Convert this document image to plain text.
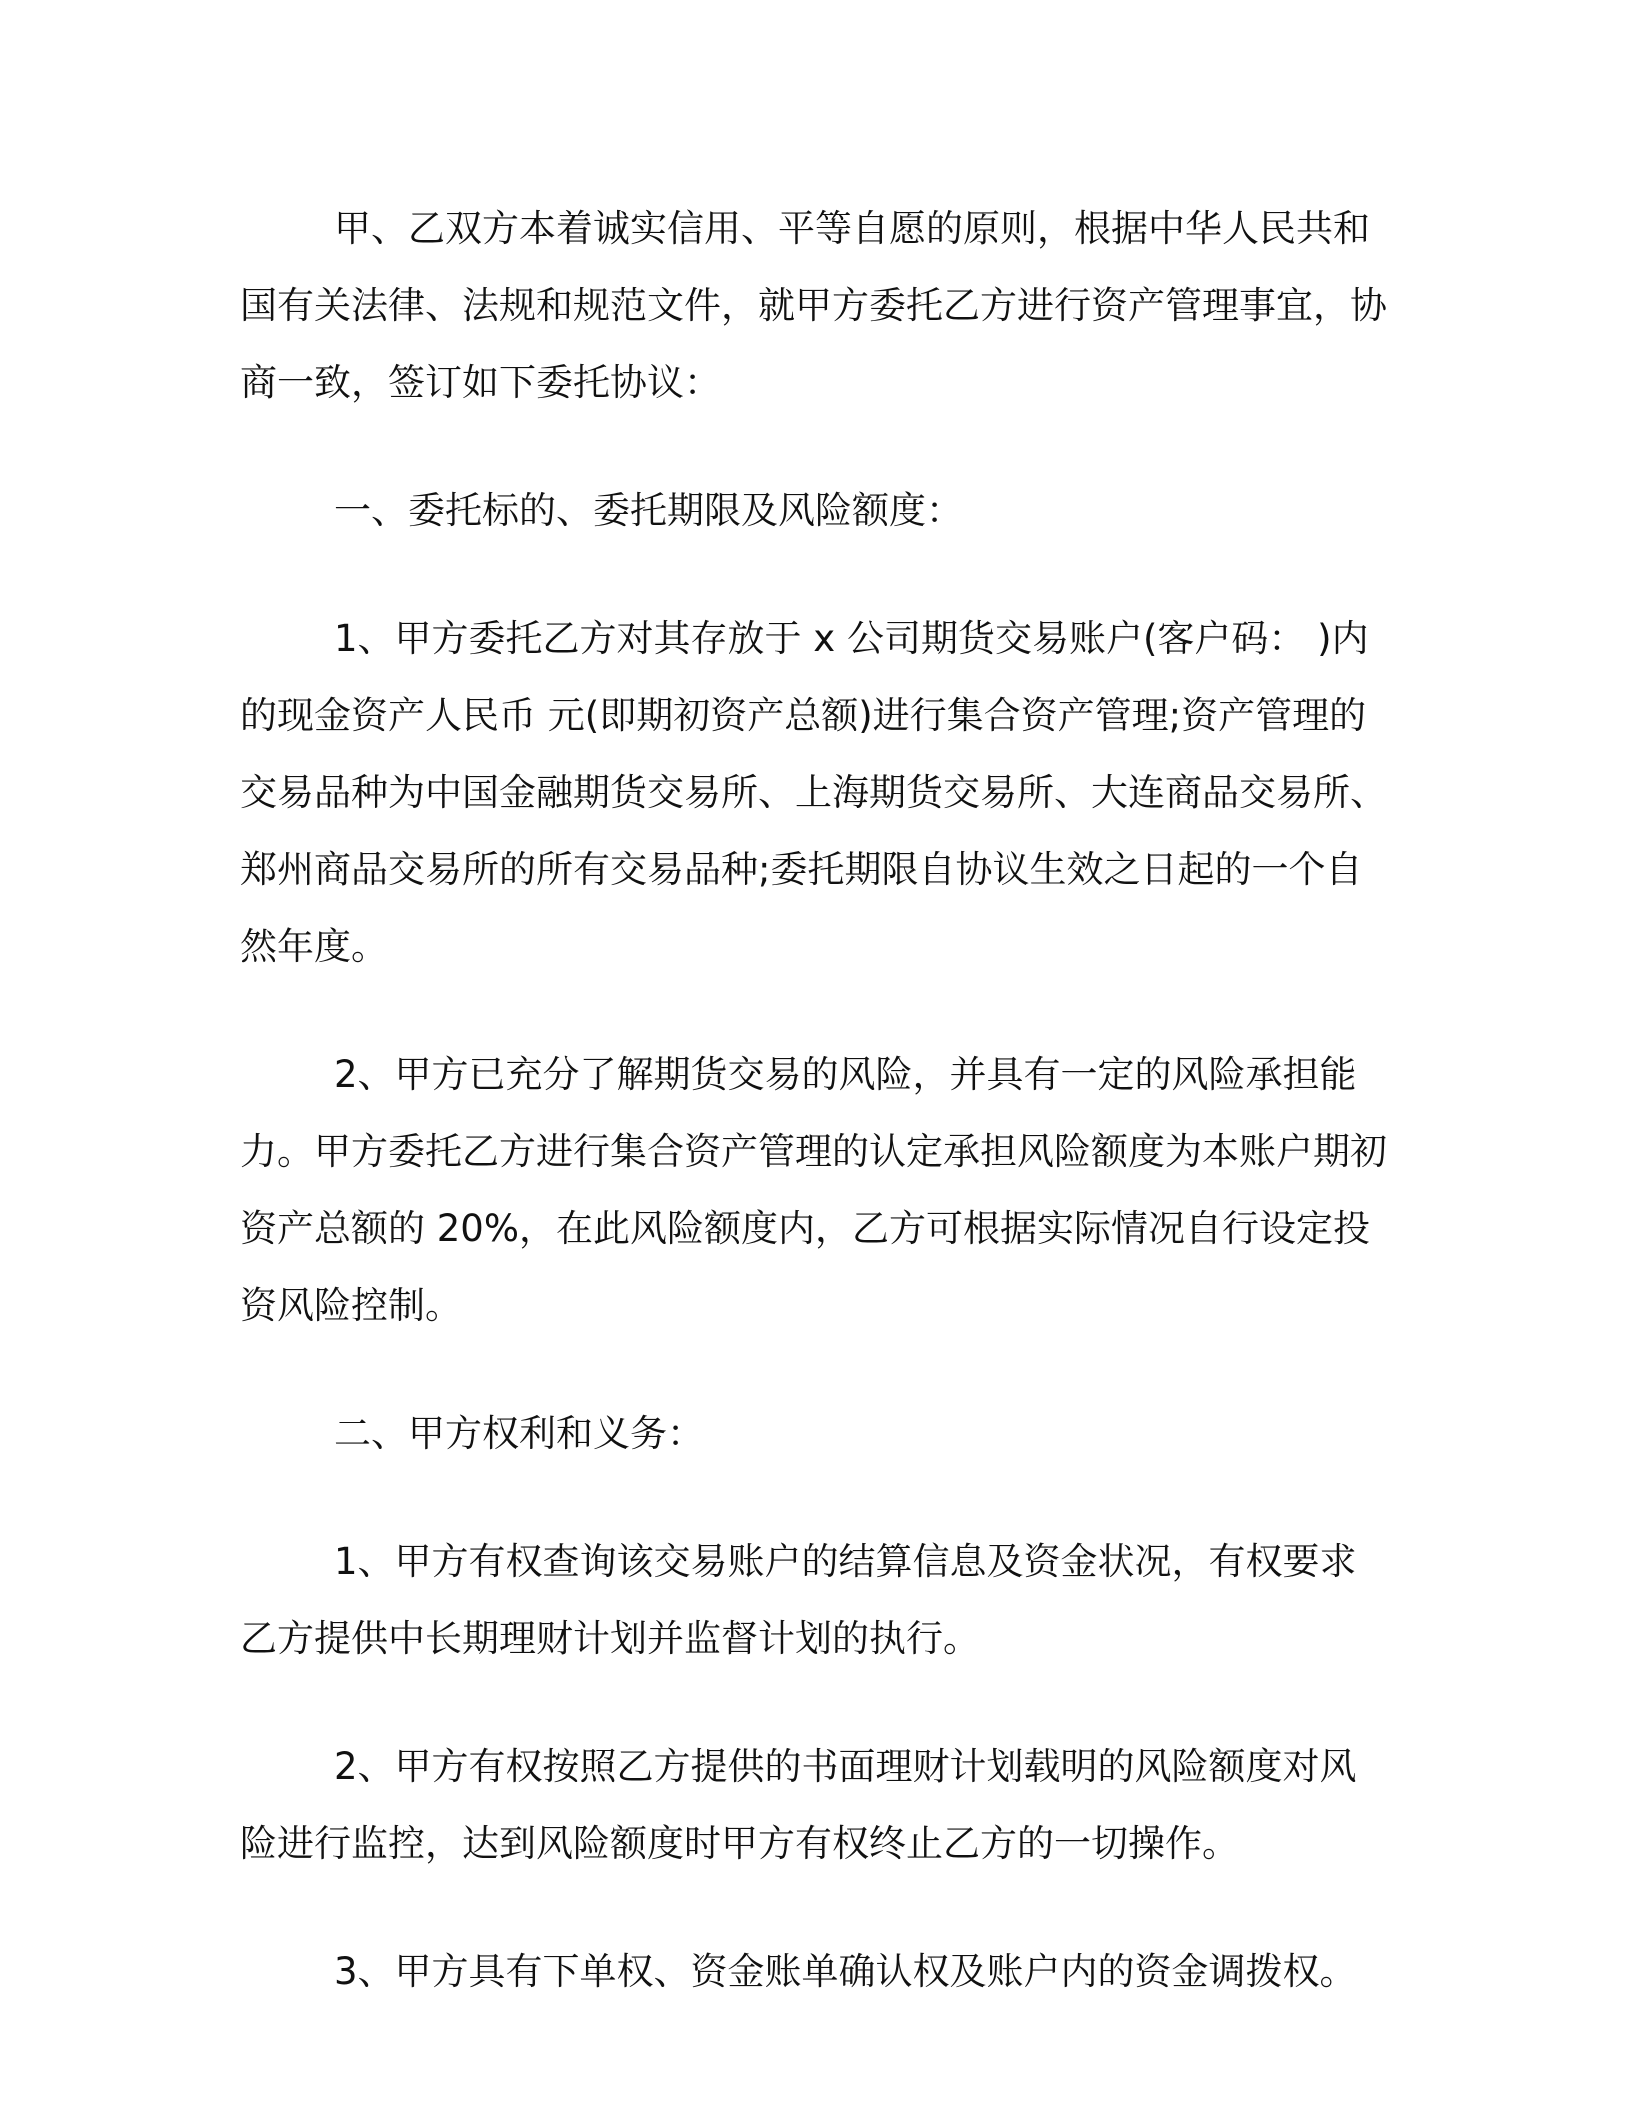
甲、乙双方本着诚实信用、平等自愿的原则，根据中华人民共和国有关法律、法规和规范文件，就甲方委托乙方进行资产管理事宜，协商一致，签订如下委托协议：

一、委托标的、委托期限及风险额度：

1、甲方委托乙方对其存放于 x 公司期货交易账户(客户码： )内的现金资产人民币 元(即期初资产总额)进行集合资产管理;资产管理的交易品种为中国金融期货交易所、上海期货交易所、大连商品交易所、郑州商品交易所的所有交易品种;委托期限自协议生效之日起的一个自然年度。

2、甲方已充分了解期货交易的风险，并具有一定的风险承担能力。甲方委托乙方进行集合资产管理的认定承担风险额度为本账户期初资产总额的 20%，在此风险额度内，乙方可根据实际情况自行设定投资风险控制。

二、甲方权利和义务：

1、甲方有权查询该交易账户的结算信息及资金状况，有权要求乙方提供中长期理财计划并监督计划的执行。

2、甲方有权按照乙方提供的书面理财计划载明的风险额度对风险进行监控，达到风险额度时甲方有权终止乙方的一切操作。

3、甲方具有下单权、资金账单确认权及账户内的资金调拨权。
